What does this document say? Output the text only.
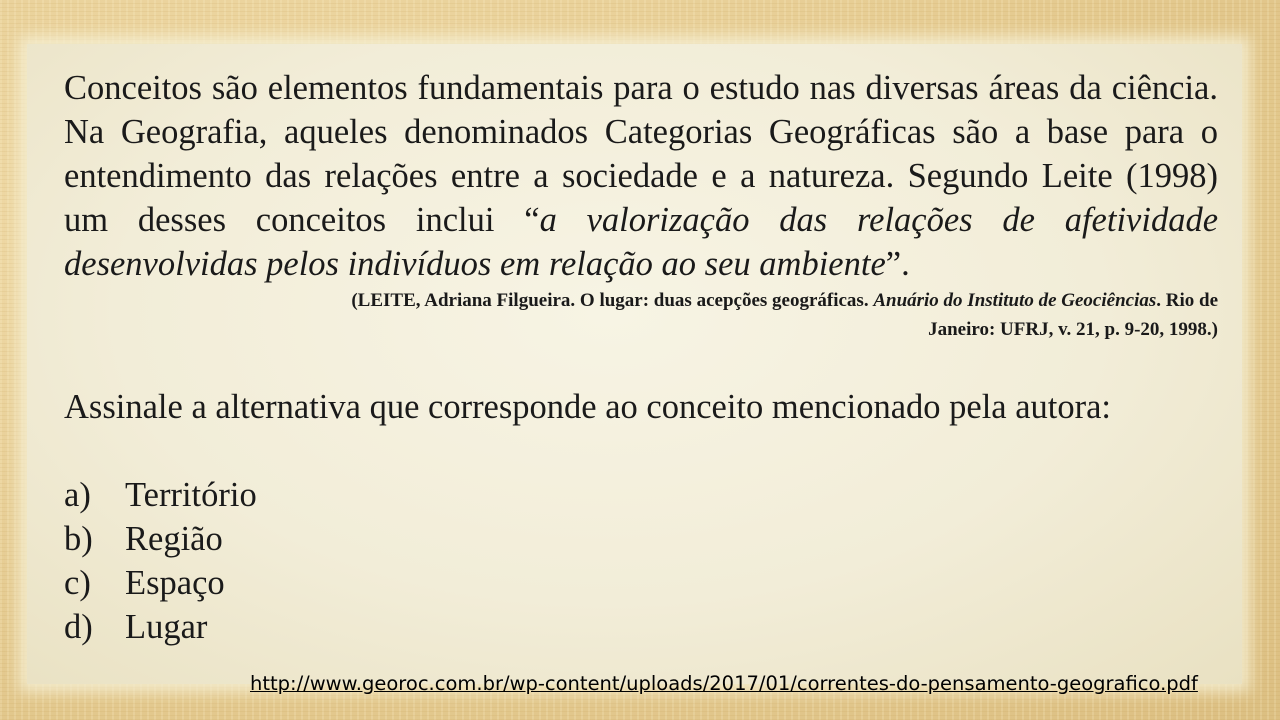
Conceitos são elementos fundamentais para o estudo nas diversas áreas da ciência. Na Geografia, aqueles denominados Categorias Geográficas são a base para o entendimento das relações entre a sociedade e a natureza. Segundo Leite (1998) um desses conceitos inclui “a valorização das relações de afetividade desenvolvidas pelos indivíduos em relação ao seu ambiente”.

(LEITE, Adriana Filgueira. O lugar: duas acepções geográficas. Anuário do Instituto de Geociências. Rio de Janeiro: UFRJ, v. 21, p. 9-20, 1998.)

Assinale a alternativa que corresponde ao conceito mencionado pela autora:

a) Território
b) Região
c) Espaço
d) Lugar
http://www.georoc.com.br/wp-content/uploads/2017/01/correntes-do-pensamento-geografico.pdf
